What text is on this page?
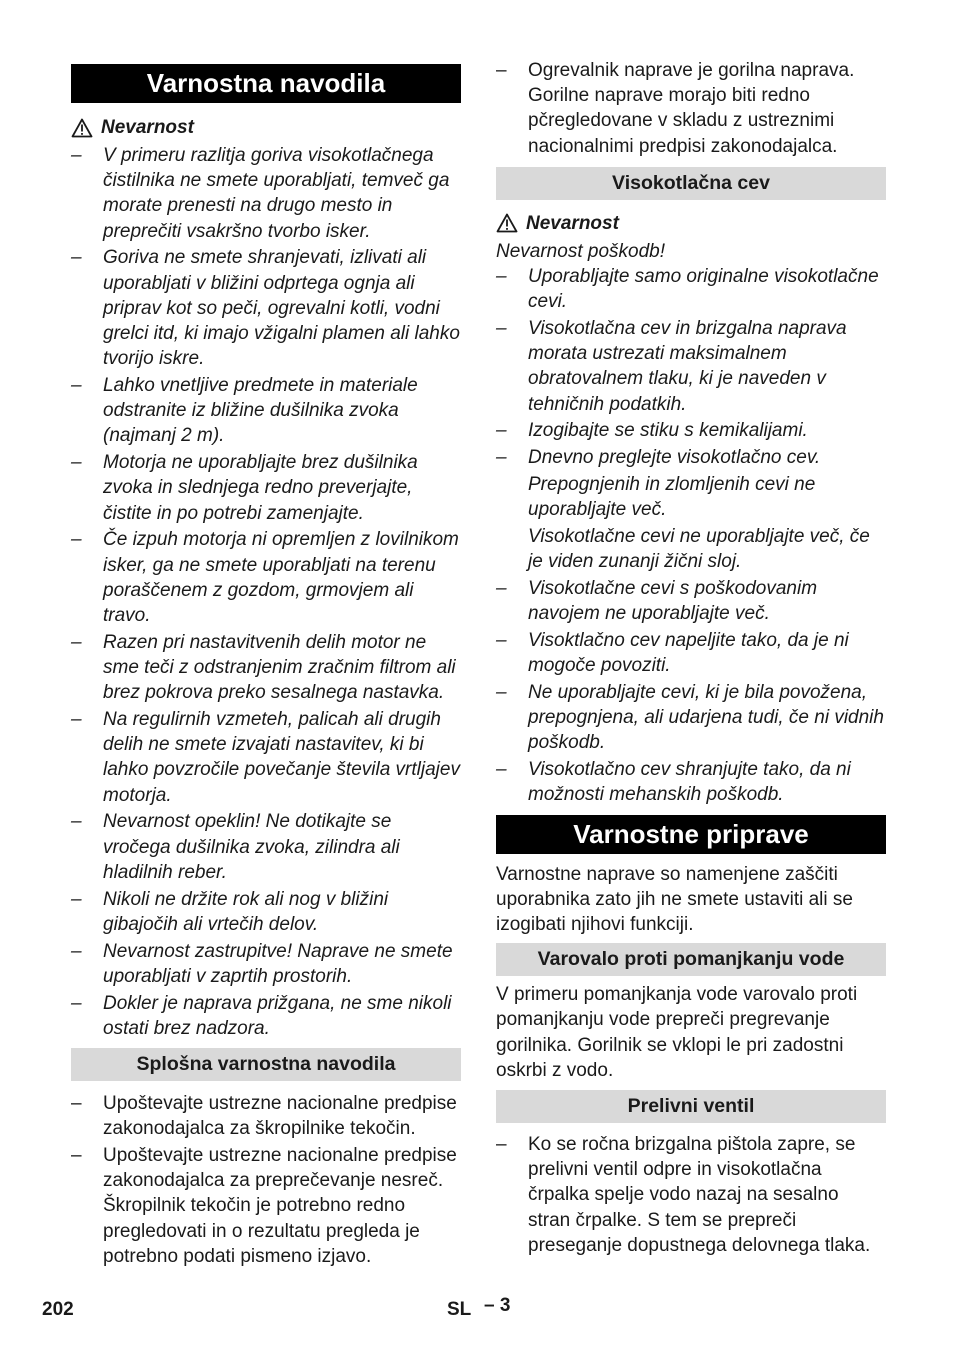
Varnostna navodila
Nevarnost
– V primeru razlitja goriva visokotlačnega čistilnika ne smete uporabljati, temveč ga morate prenesti na drugo mesto in preprečiti vsakršno tvorbo isker.
– Goriva ne smete shranjevati, izlivati ali uporabljati v bližini odprtega ognja ali priprav kot so peči, ogrevalni kotli, vodni grelci itd, ki imajo vžigalni plamen ali lahko tvorijo iskre.
– Lahko vnetljive predmete in materiale odstranite iz bližine dušilnika zvoka (najmanj 2 m).
– Motorja ne uporabljajte brez dušilnika zvoka in slednjega redno preverjajte, čistite in po potrebi zamenjajte.
– Če izpuh motorja ni opremljen z lovilnikom isker, ga ne smete uporabljati na terenu poraščenem z gozdom, grmovjem ali travo.
– Razen pri nastavitvenih delih motor ne sme teči z odstranjenim zračnim filtrom ali brez pokrova preko sesalnega nastavka.
– Na regulirnih vzmeteh, palicah ali drugih delih ne smete izvajati nastavitev, ki bi lahko povzročile povečanje števila vrtljajev motorja.
– Nevarnost opeklin! Ne dotikajte se vročega dušilnika zvoka, zilindra ali hladilnih reber.
– Nikoli ne držite rok ali nog v bližini gibajočih ali vrtečih delov.
– Nevarnost zastrupitve! Naprave ne smete uporabljati v zaprtih prostorih.
– Dokler je naprava prižgana, ne sme nikoli ostati brez nadzora.
Splošna varnostna navodila
– Upoštevajte ustrezne nacionalne predpise zakonodajalca za škropilnike tekočin.
– Upoštevajte ustrezne nacionalne predpise zakonodajalca za preprečevanje nesreč. Škropilnik tekočin je potrebno redno pregledovati in o rezultatu pregleda je potrebno podati pismeno izjavo.
– Ogrevalnik naprave je gorilna naprava. Gorilne naprave morajo biti redno pčregledovane v skladu z ustreznimi nacionalnimi predpisi zakonodajalca.
Visokotlačna cev
Nevarnost

Nevarnost poškodb!

– Uporabljajte samo originalne visokotlačne cevi.
– Visokotlačna cev in brizgalna naprava morata ustrezati maksimalnem obratovalnem tlaku, ki je naveden v tehničnih podatkih.
– Izogibajte se stiku s kemikalijami.
– Dnevno preglejte visokotlačno cev.

Prepognjenih in zlomljenih cevi ne uporabljajte več.

Visokotlačne cevi ne uporabljajte več, če je viden zunanji žični sloj.

– Visokotlačne cevi s poškodovanim navojem ne uporabljajte več.
– Visoktlačno cev napeljite tako, da je ni mogoče povoziti.
– Ne uporabljajte cevi, ki je bila povožena, prepognjena, ali udarjena tudi, če ni vidnih poškodb.
– Visokotlačno cev shranjujte tako, da ni možnosti mehanskih poškodb.
Varnostne priprave

Varnostne naprave so namenjene zaščiti uporabnika zato jih ne smete ustaviti ali se izogibati njihovi funkciji.

Varovalo proti pomanjkanju vode

V primeru pomanjkanja vode varovalo proti pomanjkanju vode prepreči pregrevanje gorilnika. Gorilnik se vklopi le pri zadostni oskrbi z vodo.

Prelivni ventil
– Ko se ročna brizgalna pištola zapre, se prelivni ventil odpre in visokotlačna črpalka spelje vodo nazaj na sesalno stran črpalke. S tem se prepreči preseganje dopustnega delovnega tlaka.
202	SL – 3
